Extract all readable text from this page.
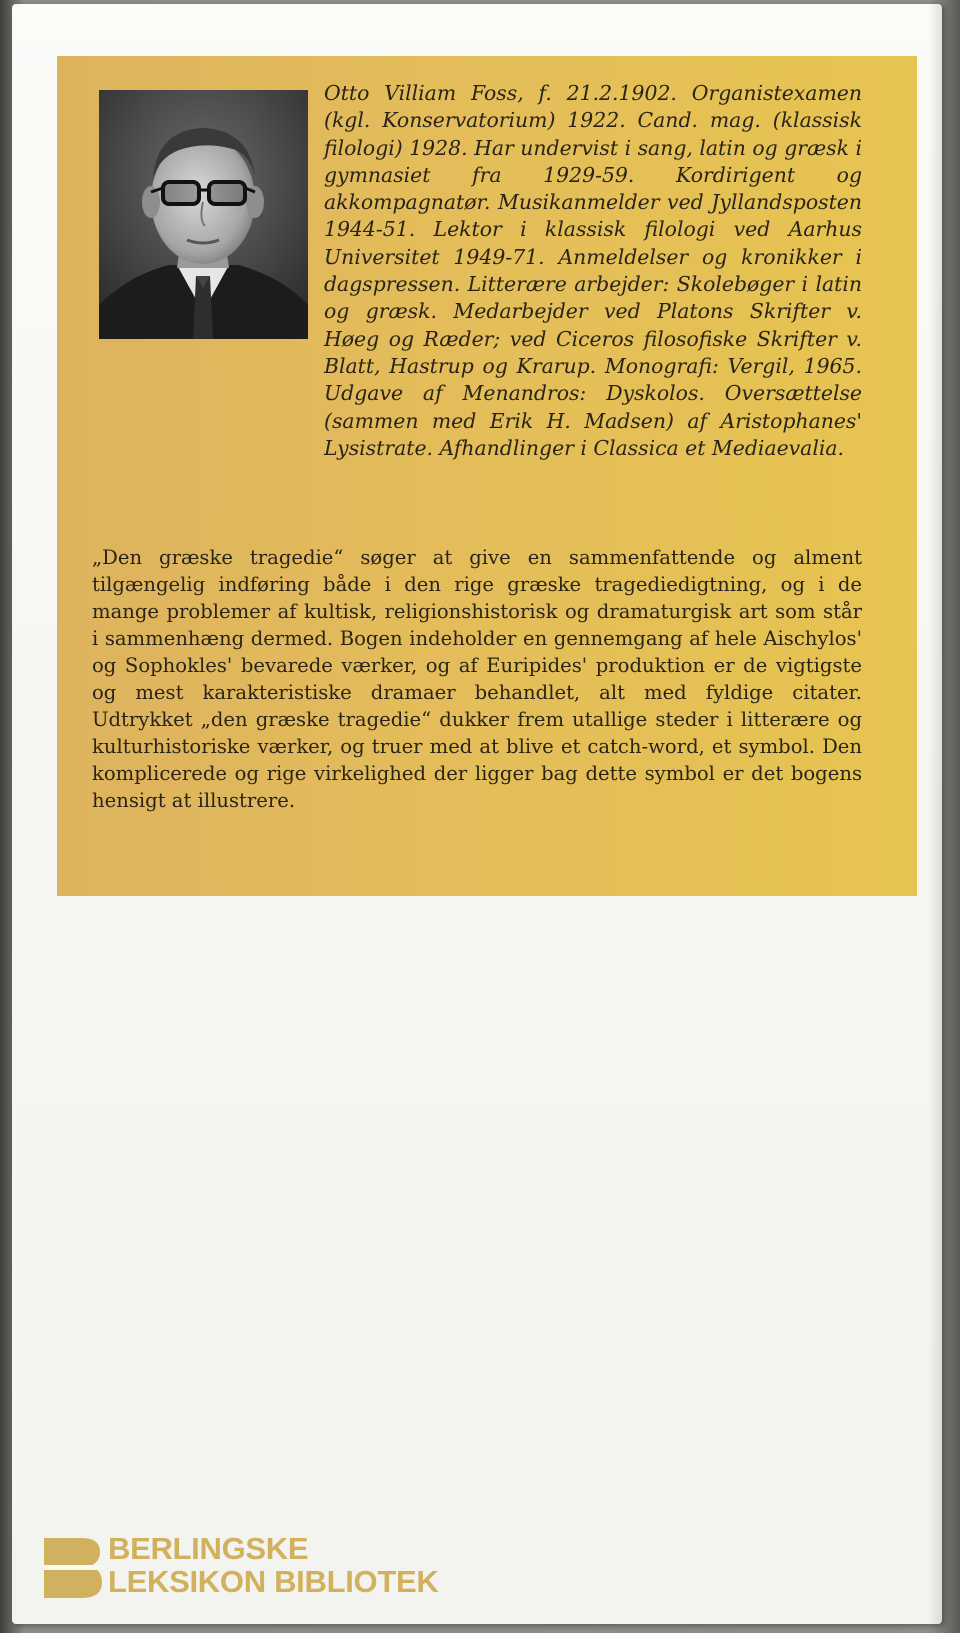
Otto Villiam Foss, f. 21.2.1902. Organistexamen (kgl. Konservatorium) 1922. Cand. mag. (klassisk filologi) 1928. Har undervist i sang, latin og græsk i gymnasiet fra 1929-59. Kordirigent og akkompagnatør. Musikanmelder ved Jyllandsposten 1944-51. Lektor i klassisk filologi ved Aarhus Universitet 1949-71. Anmeldelser og kronikker i dagspressen. Litterære arbejder: Skolebøger i latin og græsk. Medarbejder ved Platons Skrifter v. Høeg og Ræder; ved Ciceros filosofiske Skrifter v. Blatt, Hastrup og Krarup. Monografi: Vergil, 1965. Udgave af Menandros: Dyskolos. Oversættelse (sammen med Erik H. Madsen) af Aristophanes' Lysistrate. Afhandlinger i Classica et Mediaevalia.

„Den græske tragedie“ søger at give en sammenfattende og alment tilgængelig indføring både i den rige græske tragediedigtning, og i de mange problemer af kultisk, religionshistorisk og dramaturgisk art som står i sammenhæng dermed. Bogen indeholder en gennemgang af hele Aischylos' og Sophokles' bevarede værker, og af Euripides' produktion er de vigtigste og mest karakteristiske dramaer behandlet, alt med fyldige citater. Udtrykket „den græske tragedie“ dukker frem utallige steder i litterære og kulturhistoriske værker, og truer med at blive et catch-word, et symbol. Den komplicerede og rige virkelighed der ligger bag dette symbol er det bogens hensigt at illustrere.

BERLINGSKE
LEKSIKON BIBLIOTEK
